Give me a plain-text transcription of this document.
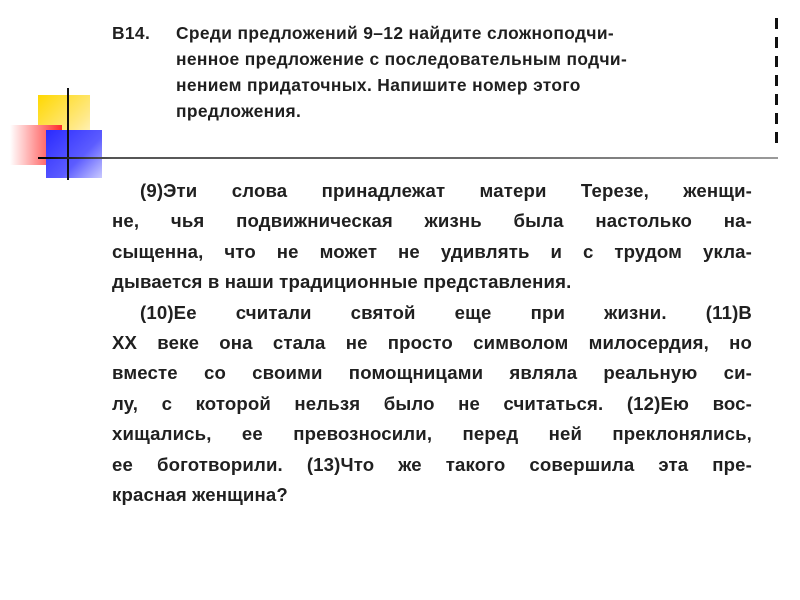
В14. Среди предложений 9–12 найдите сложноподчи-
ненное предложение с последовательным подчи-
нением придаточных. Напишите номер этого
предложения.
(9)Эти слова принадлежат матери Терезе, женщи-
не, чья подвижническая жизнь была настолько на-
сыщенна, что не может не удивлять и с трудом укла-
дывается в наши традиционные представления.
(10)Ее считали святой еще при жизни. (11)В
XX веке она стала не просто символом милосердия, но
вместе со своими помощницами являла реальную си-
лу, с которой нельзя было не считаться. (12)Ею вос-
хищались, ее превозносили, перед ней преклонялись,
ее боготворили. (13)Что же такого совершила эта пре-
красная женщина?
